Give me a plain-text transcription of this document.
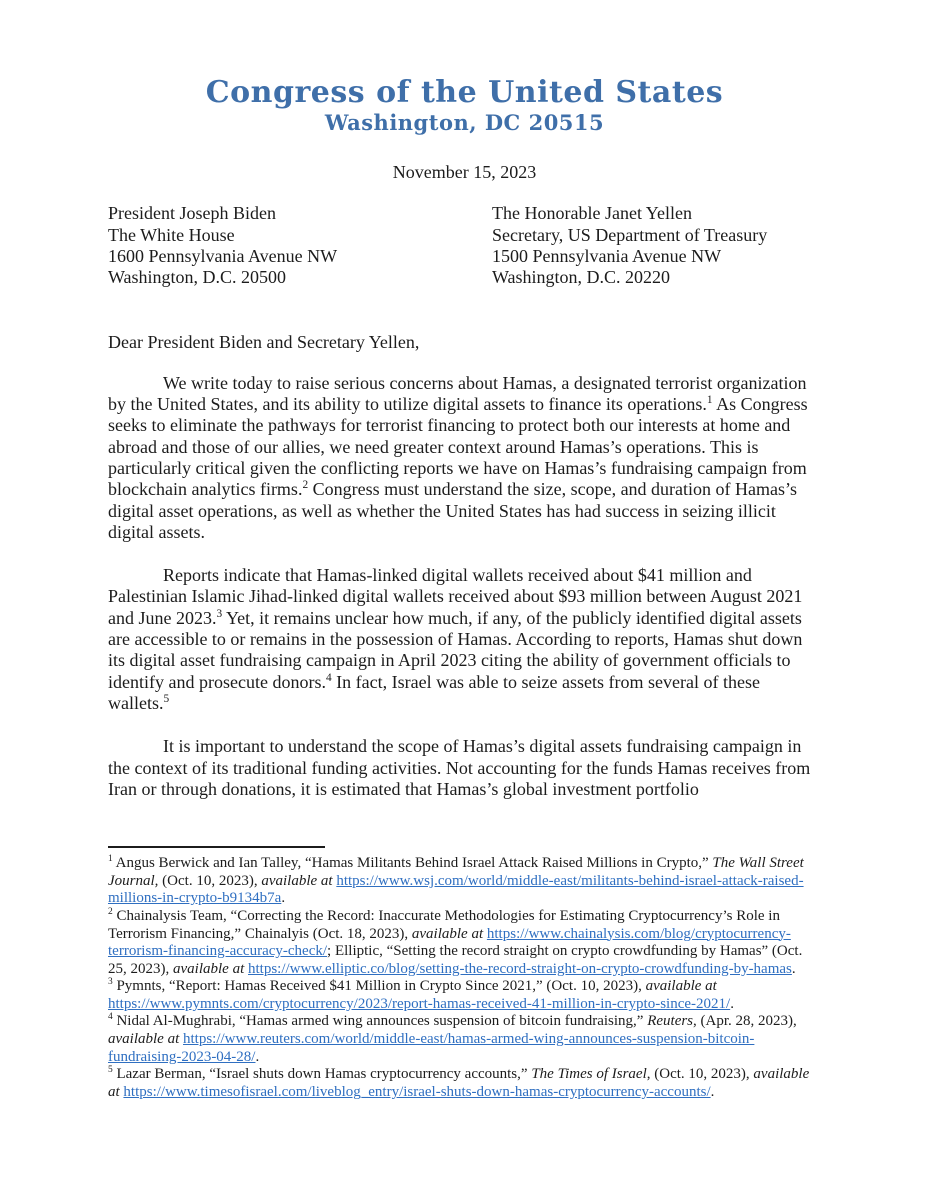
Congress of the United States
Washington, DC 20515
November 15, 2023
President Joseph Biden
The White House
1600 Pennsylvania Avenue NW
Washington, D.C. 20500
The Honorable Janet Yellen
Secretary, US Department of Treasury
1500 Pennsylvania Avenue NW
Washington, D.C. 20220
Dear President Biden and Secretary Yellen,

We write today to raise serious concerns about Hamas, a designated terrorist organization by the United States, and its ability to utilize digital assets to finance its operations.$^1$ As Congress seeks to eliminate the pathways for terrorist financing to protect both our interests at home and abroad and those of our allies, we need greater context around Hamas’s operations. This is particularly critical given the conflicting reports we have on Hamas’s fundraising campaign from blockchain analytics firms.$^2$ Congress must understand the size, scope, and duration of Hamas’s digital asset operations, as well as whether the United States has had success in seizing illicit digital assets.

Reports indicate that Hamas-linked digital wallets received about $41 million and Palestinian Islamic Jihad-linked digital wallets received about $93 million between August 2021 and June 2023.$^3$ Yet, it remains unclear how much, if any, of the publicly identified digital assets are accessible to or remains in the possession of Hamas. According to reports, Hamas shut down its digital asset fundraising campaign in April 2023 citing the ability of government officials to identify and prosecute donors.$^4$ In fact, Israel was able to seize assets from several of these wallets.$^5$

It is important to understand the scope of Hamas’s digital assets fundraising campaign in the context of its traditional funding activities. Not accounting for the funds Hamas receives from Iran or through donations, it is estimated that Hamas’s global investment portfolio

$^1$ Angus Berwick and Ian Talley, “Hamas Militants Behind Israel Attack Raised Millions in Crypto,” The Wall Street Journal, (Oct. 10, 2023), available at https://www.wsj.com/world/middle-east/militants-behind-israel-attack-raised-millions-in-crypto-b9134b7a.
$^2$ Chainalysis Team, “Correcting the Record: Inaccurate Methodologies for Estimating Cryptocurrency’s Role in Terrorism Financing,” Chainalyis (Oct. 18, 2023), available at https://www.chainalysis.com/blog/cryptocurrency-terrorism-financing-accuracy-check/; Elliptic, “Setting the record straight on crypto crowdfunding by Hamas” (Oct. 25, 2023), available at https://www.elliptic.co/blog/setting-the-record-straight-on-crypto-crowdfunding-by-hamas.
$^3$ Pymnts, “Report: Hamas Received $41 Million in Crypto Since 2021,” (Oct. 10, 2023), available at https://www.pymnts.com/cryptocurrency/2023/report-hamas-received-41-million-in-crypto-since-2021/.
$^4$ Nidal Al-Mughrabi, “Hamas armed wing announces suspension of bitcoin fundraising,” Reuters, (Apr. 28, 2023), available at https://www.reuters.com/world/middle-east/hamas-armed-wing-announces-suspension-bitcoin-fundraising-2023-04-28/.
$^5$ Lazar Berman, “Israel shuts down Hamas cryptocurrency accounts,” The Times of Israel, (Oct. 10, 2023), available at https://www.timesofisrael.com/liveblog_entry/israel-shuts-down-hamas-cryptocurrency-accounts/.
